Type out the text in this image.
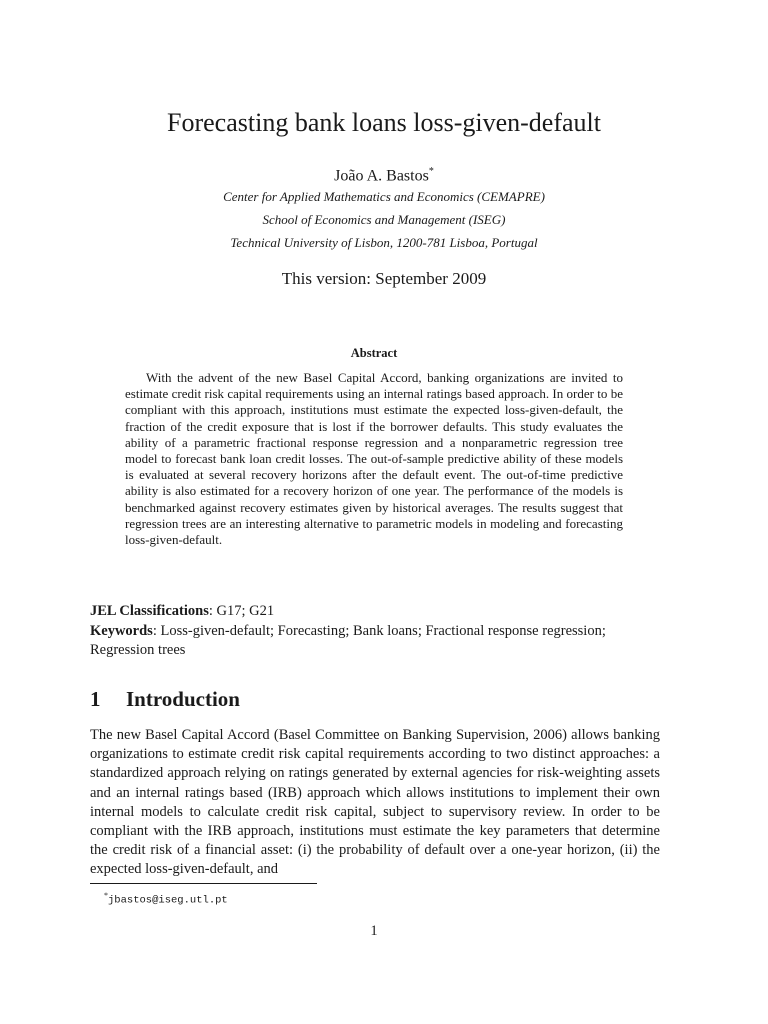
Forecasting bank loans loss-given-default
João A. Bastos*
Center for Applied Mathematics and Economics (CEMAPRE)
School of Economics and Management (ISEG)
Technical University of Lisbon, 1200-781 Lisboa, Portugal
This version: September 2009
Abstract

With the advent of the new Basel Capital Accord, banking organizations are invited to estimate credit risk capital requirements using an internal ratings based approach. In order to be compliant with this approach, institutions must estimate the expected loss-given-default, the fraction of the credit exposure that is lost if the borrower defaults. This study evaluates the ability of a parametric fractional response regression and a nonparametric regression tree model to forecast bank loan credit losses. The out-of-sample predictive ability of these models is evaluated at several recovery horizons after the default event. The out-of-time predictive ability is also estimated for a recovery horizon of one year. The performance of the models is benchmarked against recovery estimates given by historical averages. The results suggest that regression trees are an interesting alternative to parametric models in modeling and forecasting loss-given-default.

JEL Classifications: G17; G21
Keywords: Loss-given-default; Forecasting; Bank loans; Fractional response regression; Regression trees
1 Introduction

The new Basel Capital Accord (Basel Committee on Banking Supervision, 2006) allows banking organizations to estimate credit risk capital requirements according to two distinct approaches: a standardized approach relying on ratings generated by external agencies for risk-weighting assets and an internal ratings based (IRB) approach which allows institutions to implement their own internal models to calculate credit risk capital, subject to supervisory review. In order to be compliant with the IRB approach, institutions must estimate the key parameters that determine the credit risk of a financial asset: (i) the probability of default over a one-year horizon, (ii) the expected loss-given-default, and

*jbastos@iseg.utl.pt
1
